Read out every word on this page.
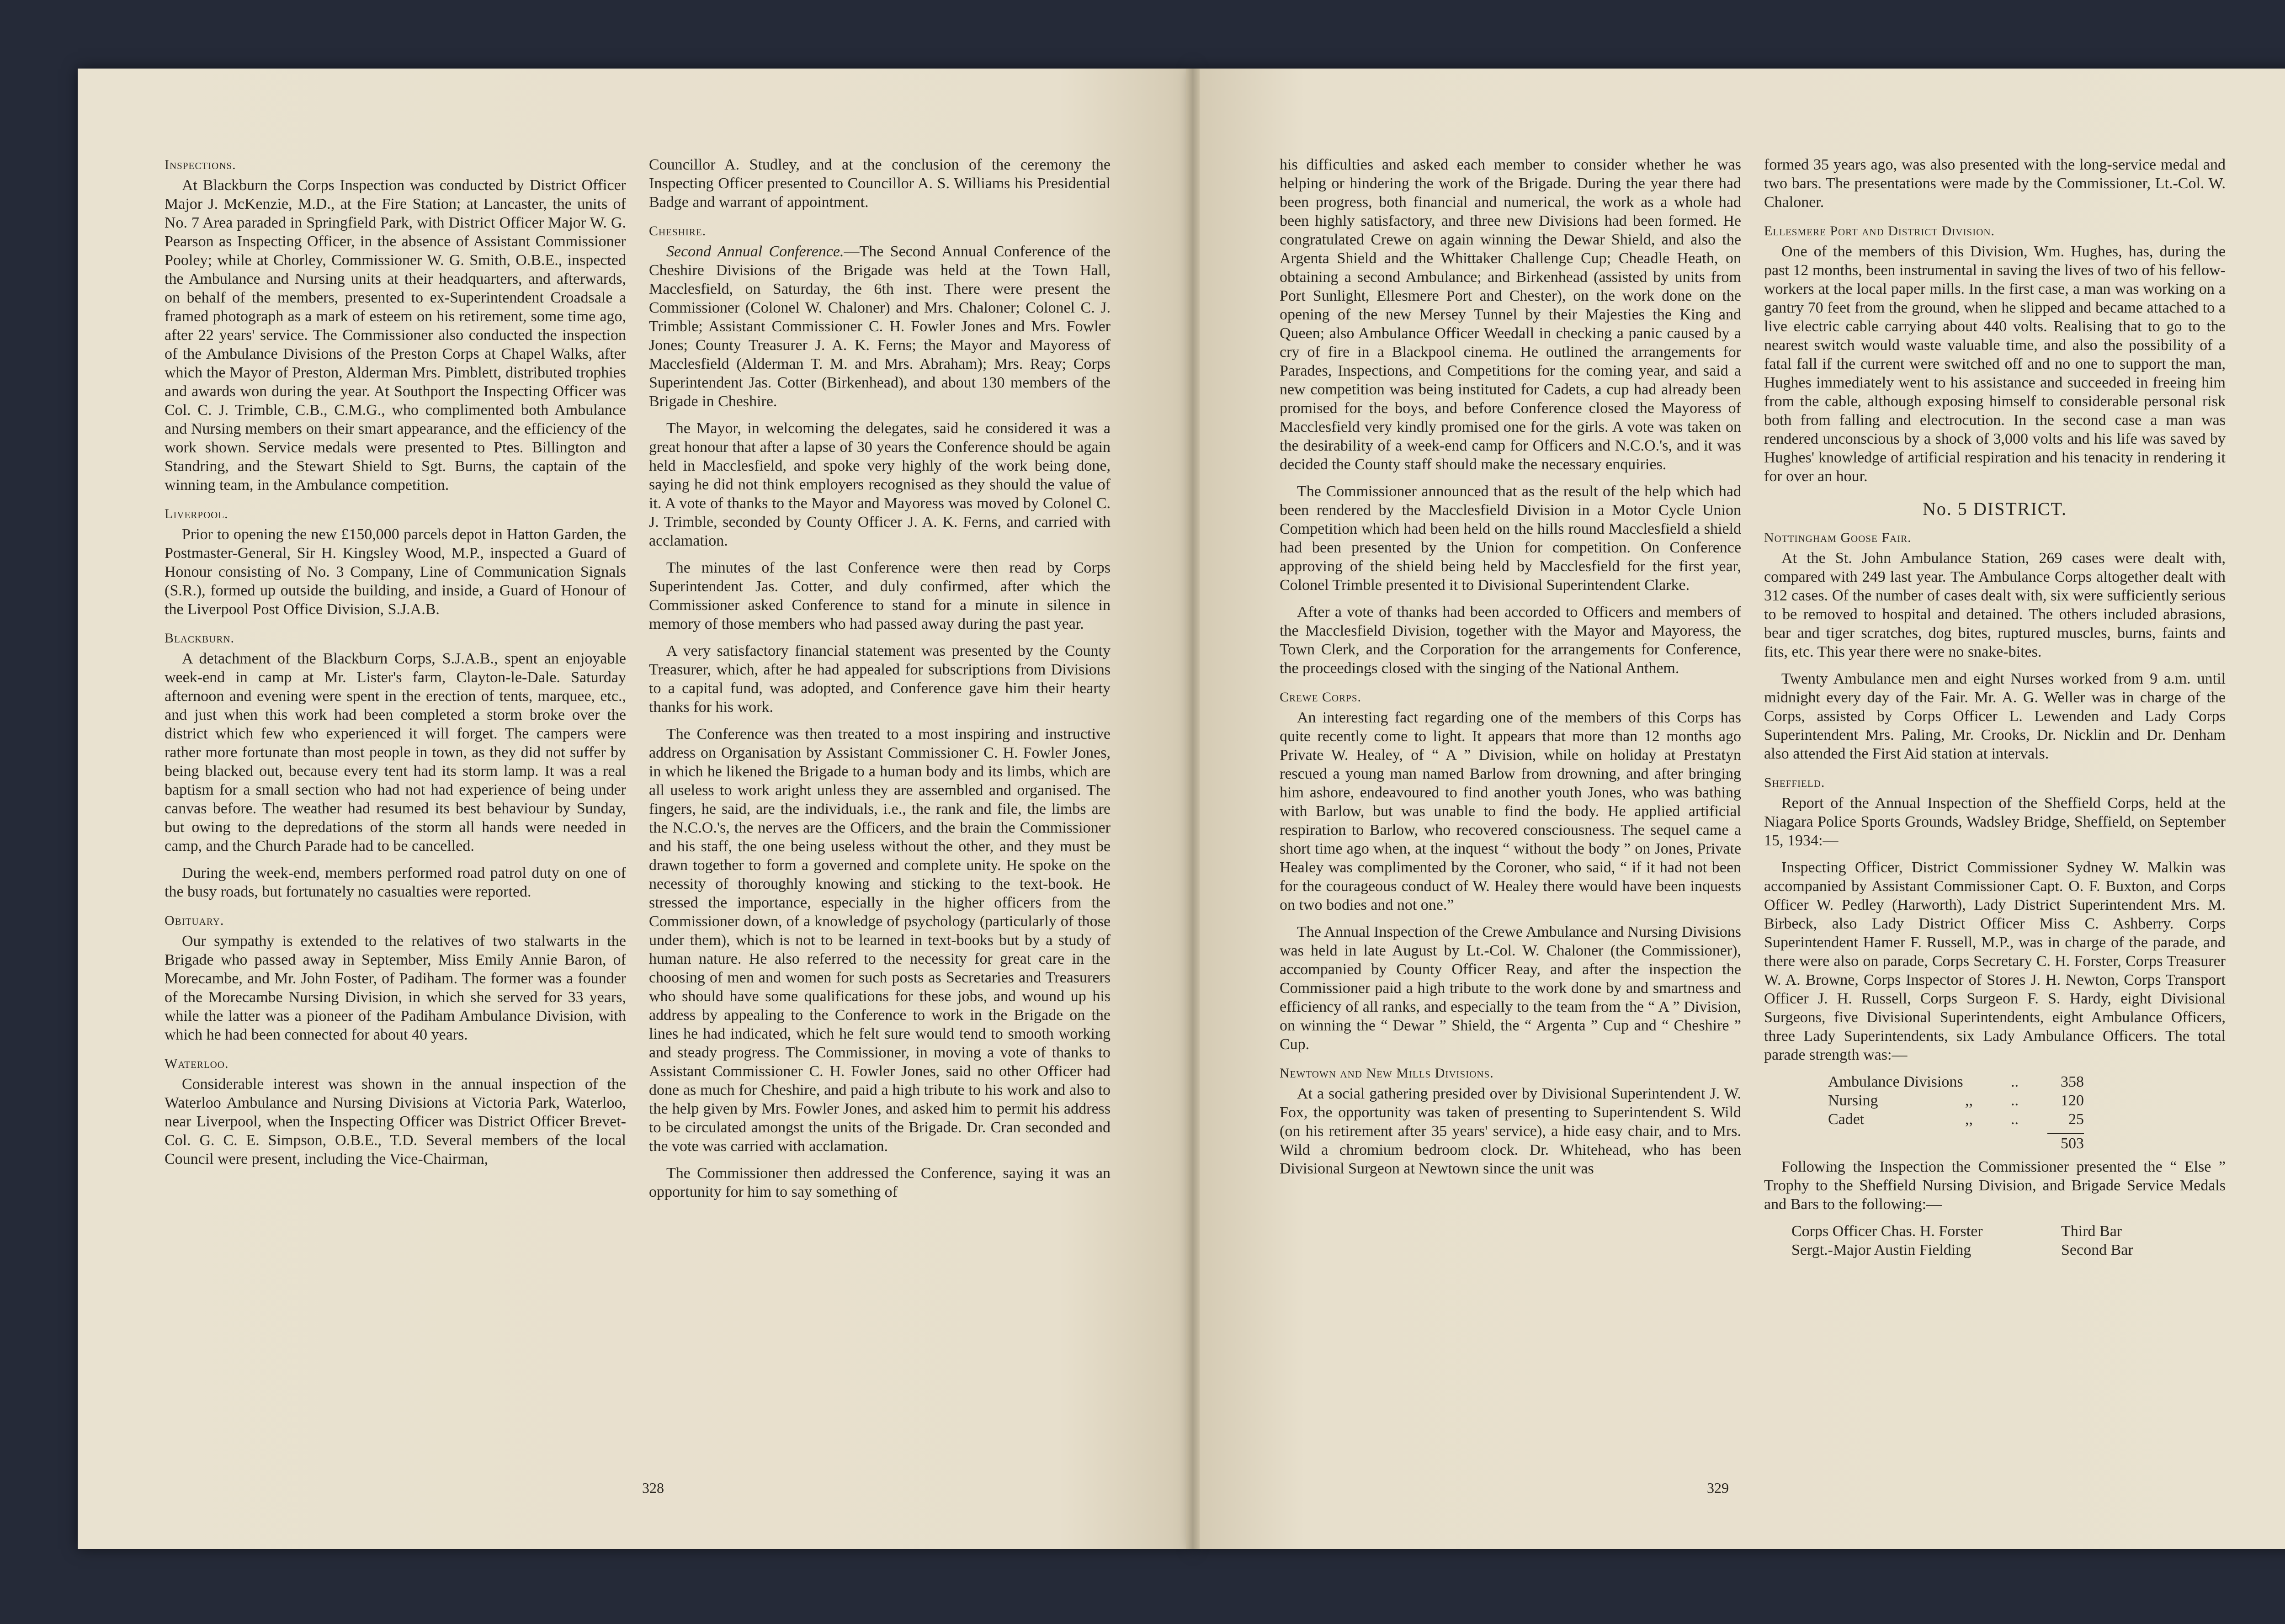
Inspections.

At Blackburn the Corps Inspection was conducted by District Officer Major J. McKenzie, M.D., at the Fire Station; at Lancaster, the units of No. 7 Area paraded in Springfield Park, with District Officer Major W. G. Pearson as Inspecting Officer, in the absence of Assistant Commissioner Pooley; while at Chorley, Commissioner W. G. Smith, O.B.E., inspected the Ambulance and Nursing units at their headquarters, and afterwards, on behalf of the members, presented to ex-Superintendent Croadsale a framed photograph as a mark of esteem on his retirement, some time ago, after 22 years' service. The Commissioner also conducted the inspection of the Ambulance Divisions of the Preston Corps at Chapel Walks, after which the Mayor of Preston, Alderman Mrs. Pimblett, distributed trophies and awards won during the year. At Southport the Inspecting Officer was Col. C. J. Trimble, C.B., C.M.G., who complimented both Ambulance and Nursing members on their smart appearance, and the efficiency of the work shown. Service medals were presented to Ptes. Billington and Standring, and the Stewart Shield to Sgt. Burns, the captain of the winning team, in the Ambulance competition.

Liverpool.

Prior to opening the new £150,000 parcels depot in Hatton Garden, the Postmaster-General, Sir H. Kingsley Wood, M.P., inspected a Guard of Honour consisting of No. 3 Company, Line of Communication Signals (S.R.), formed up outside the building, and inside, a Guard of Honour of the Liverpool Post Office Division, S.J.A.B.

Blackburn.

A detachment of the Blackburn Corps, S.J.A.B., spent an enjoyable week-end in camp at Mr. Lister's farm, Clayton-le-Dale. Saturday afternoon and evening were spent in the erection of tents, marquee, etc., and just when this work had been completed a storm broke over the district which few who experienced it will forget. The campers were rather more fortunate than most people in town, as they did not suffer by being blacked out, because every tent had its storm lamp. It was a real baptism for a small section who had not had experience of being under canvas before. The weather had resumed its best behaviour by Sunday, but owing to the depredations of the storm all hands were needed in camp, and the Church Parade had to be cancelled.

During the week-end, members performed road patrol duty on one of the busy roads, but fortunately no casualties were reported.

Obituary.

Our sympathy is extended to the relatives of two stalwarts in the Brigade who passed away in September, Miss Emily Annie Baron, of Morecambe, and Mr. John Foster, of Padiham. The former was a founder of the Morecambe Nursing Division, in which she served for 33 years, while the latter was a pioneer of the Padiham Ambulance Division, with which he had been connected for about 40 years.

Waterloo.

Considerable interest was shown in the annual inspection of the Waterloo Ambulance and Nursing Divisions at Victoria Park, Waterloo, near Liverpool, when the Inspecting Officer was District Officer Brevet-Col. G. C. E. Simpson, O.B.E., T.D. Several members of the local Council were present, including the Vice-Chairman,

Councillor A. Studley, and at the conclusion of the ceremony the Inspecting Officer presented to Councillor A. S. Williams his Presidential Badge and warrant of appointment.

Cheshire.

Second Annual Conference.—The Second Annual Conference of the Cheshire Divisions of the Brigade was held at the Town Hall, Macclesfield, on Saturday, the 6th inst. There were present the Commissioner (Colonel W. Chaloner) and Mrs. Chaloner; Colonel C. J. Trimble; Assistant Commissioner C. H. Fowler Jones and Mrs. Fowler Jones; County Treasurer J. A. K. Ferns; the Mayor and Mayoress of Macclesfield (Alderman T. M. and Mrs. Abraham); Mrs. Reay; Corps Superintendent Jas. Cotter (Birkenhead), and about 130 members of the Brigade in Cheshire.

The Mayor, in welcoming the delegates, said he considered it was a great honour that after a lapse of 30 years the Conference should be again held in Macclesfield, and spoke very highly of the work being done, saying he did not think employers recognised as they should the value of it. A vote of thanks to the Mayor and Mayoress was moved by Colonel C. J. Trimble, seconded by County Officer J. A. K. Ferns, and carried with acclamation.

The minutes of the last Conference were then read by Corps Superintendent Jas. Cotter, and duly confirmed, after which the Commissioner asked Conference to stand for a minute in silence in memory of those members who had passed away during the past year.

A very satisfactory financial statement was presented by the County Treasurer, which, after he had appealed for subscriptions from Divisions to a capital fund, was adopted, and Conference gave him their hearty thanks for his work.

The Conference was then treated to a most inspiring and instructive address on Organisation by Assistant Commissioner C. H. Fowler Jones, in which he likened the Brigade to a human body and its limbs, which are all useless to work aright unless they are assembled and organised. The fingers, he said, are the individuals, i.e., the rank and file, the limbs are the N.C.O.'s, the nerves are the Officers, and the brain the Commissioner and his staff, the one being useless without the other, and they must be drawn together to form a governed and complete unity. He spoke on the necessity of thoroughly knowing and sticking to the text-book. He stressed the importance, especially in the higher officers from the Commissioner down, of a knowledge of psychology (particularly of those under them), which is not to be learned in text-books but by a study of human nature. He also referred to the necessity for great care in the choosing of men and women for such posts as Secretaries and Treasurers who should have some qualifications for these jobs, and wound up his address by appealing to the Conference to work in the Brigade on the lines he had indicated, which he felt sure would tend to smooth working and steady progress. The Commissioner, in moving a vote of thanks to Assistant Commissioner C. H. Fowler Jones, said no other Officer had done as much for Cheshire, and paid a high tribute to his work and also to the help given by Mrs. Fowler Jones, and asked him to permit his address to be circulated amongst the units of the Brigade. Dr. Cran seconded and the vote was carried with acclamation.

The Commissioner then addressed the Conference, saying it was an opportunity for him to say something of

328

his difficulties and asked each member to consider whether he was helping or hindering the work of the Brigade. During the year there had been progress, both financial and numerical, the work as a whole had been highly satisfactory, and three new Divisions had been formed. He congratulated Crewe on again winning the Dewar Shield, and also the Argenta Shield and the Whittaker Challenge Cup; Cheadle Heath, on obtaining a second Ambulance; and Birkenhead (assisted by units from Port Sunlight, Ellesmere Port and Chester), on the work done on the opening of the new Mersey Tunnel by their Majesties the King and Queen; also Ambulance Officer Weedall in checking a panic caused by a cry of fire in a Blackpool cinema. He outlined the arrangements for Parades, Inspections, and Competitions for the coming year, and said a new competition was being instituted for Cadets, a cup had already been promised for the boys, and before Conference closed the Mayoress of Macclesfield very kindly promised one for the girls. A vote was taken on the desirability of a week-end camp for Officers and N.C.O.'s, and it was decided the County staff should make the necessary enquiries.

The Commissioner announced that as the result of the help which had been rendered by the Macclesfield Division in a Motor Cycle Union Competition which had been held on the hills round Macclesfield a shield had been presented by the Union for competition. On Conference approving of the shield being held by Macclesfield for the first year, Colonel Trimble presented it to Divisional Superintendent Clarke.

After a vote of thanks had been accorded to Officers and members of the Macclesfield Division, together with the Mayor and Mayoress, the Town Clerk, and the Corporation for the arrangements for Conference, the proceedings closed with the singing of the National Anthem.

Crewe Corps.

An interesting fact regarding one of the members of this Corps has quite recently come to light. It appears that more than 12 months ago Private W. Healey, of “ A ” Division, while on holiday at Prestatyn rescued a young man named Barlow from drowning, and after bringing him ashore, endeavoured to find another youth Jones, who was bathing with Barlow, but was unable to find the body. He applied artificial respiration to Barlow, who recovered consciousness. The sequel came a short time ago when, at the inquest “ without the body ” on Jones, Private Healey was complimented by the Coroner, who said, “ if it had not been for the courageous conduct of W. Healey there would have been inquests on two bodies and not one.”

The Annual Inspection of the Crewe Ambulance and Nursing Divisions was held in late August by Lt.-Col. W. Chaloner (the Commissioner), accompanied by County Officer Reay, and after the inspection the Commissioner paid a high tribute to the work done by and smartness and efficiency of all ranks, and especially to the team from the “ A ” Division, on winning the “ Dewar ” Shield, the “ Argenta ” Cup and “ Cheshire ” Cup.

Newtown and New Mills Divisions.

At a social gathering presided over by Divisional Superintendent J. W. Fox, the opportunity was taken of presenting to Superintendent S. Wild (on his retirement after 35 years' service), a hide easy chair, and to Mrs. Wild a chromium bedroom clock. Dr. Whitehead, who has been Divisional Surgeon at Newtown since the unit was

formed 35 years ago, was also presented with the long-service medal and two bars. The presentations were made by the Commissioner, Lt.-Col. W. Chaloner.

Ellesmere Port and District Division.

One of the members of this Division, Wm. Hughes, has, during the past 12 months, been instrumental in saving the lives of two of his fellow-workers at the local paper mills. In the first case, a man was working on a gantry 70 feet from the ground, when he slipped and became attached to a live electric cable carrying about 440 volts. Realising that to go to the nearest switch would waste valuable time, and also the possibility of a fatal fall if the current were switched off and no one to support the man, Hughes immediately went to his assistance and succeeded in freeing him from the cable, although exposing himself to considerable personal risk both from falling and electrocution. In the second case a man was rendered unconscious by a shock of 3,000 volts and his life was saved by Hughes' knowledge of artificial respiration and his tenacity in rendering it for over an hour.

No. 5 DISTRICT.
Nottingham Goose Fair.

At the St. John Ambulance Station, 269 cases were dealt with, compared with 249 last year. The Ambulance Corps altogether dealt with 312 cases. Of the number of cases dealt with, six were sufficiently serious to be removed to hospital and detained. The others included abrasions, bear and tiger scratches, dog bites, ruptured muscles, burns, faints and fits, etc. This year there were no snake-bites.

Twenty Ambulance men and eight Nurses worked from 9 a.m. until midnight every day of the Fair. Mr. A. G. Weller was in charge of the Corps, assisted by Corps Officer L. Lewenden and Lady Corps Superintendent Mrs. Paling, Mr. Crooks, Dr. Nicklin and Dr. Denham also attended the First Aid station at intervals.

Sheffield.

Report of the Annual Inspection of the Sheffield Corps, held at the Niagara Police Sports Grounds, Wadsley Bridge, Sheffield, on September 15, 1934:—

Inspecting Officer, District Commissioner Sydney W. Malkin was accompanied by Assistant Commissioner Capt. O. F. Buxton, and Corps Officer W. Pedley (Harworth), Lady District Superintendent Mrs. M. Birbeck, also Lady District Officer Miss C. Ashberry. Corps Superintendent Hamer F. Russell, M.P., was in charge of the parade, and there were also on parade, Corps Secretary C. H. Forster, Corps Treasurer W. A. Browne, Corps Inspector of Stores J. H. Newton, Corps Transport Officer J. H. Russell, Corps Surgeon F. S. Hardy, eight Divisional Surgeons, five Divisional Superintendents, eight Ambulance Officers, three Lady Superintendents, six Lady Ambulance Officers. The total parade strength was:—

Ambulance Divisions	..	358
Nursing	,,	..	120
Cadet	,,	..	25
503

Following the Inspection the Commissioner presented the “ Else ” Trophy to the Sheffield Nursing Division, and Brigade Service Medals and Bars to the following:—

Corps Officer Chas. H. Forster	Third Bar
Sergt.-Major Austin Fielding	Second Bar
329
